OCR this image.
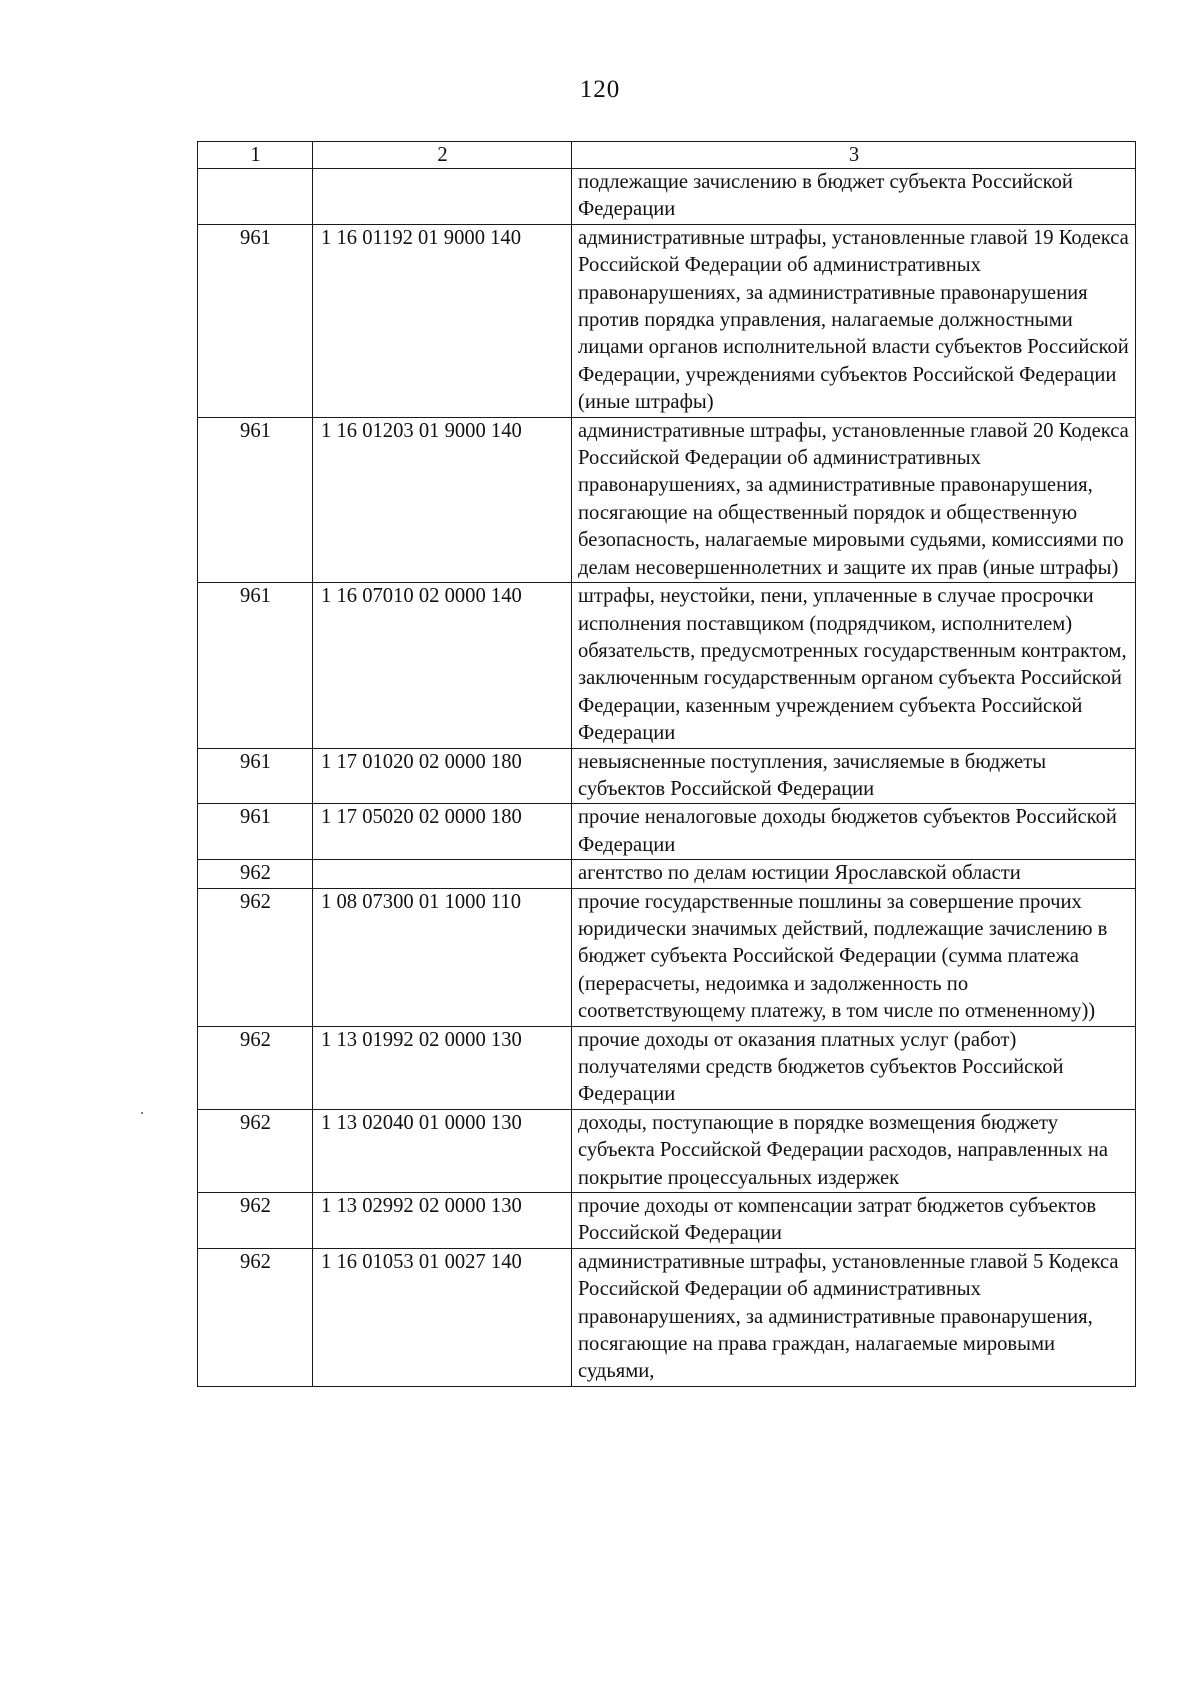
120
1	2	3
		подлежащие зачислению в бюджет субъекта Российской Федерации
961	1 16 01192 01 9000 140	административные штрафы, установленные главой 19 Кодекса Российской Федерации об административных правонарушениях, за административные правонарушения против порядка управления, налагаемые должностными лицами органов исполнительной власти субъектов Российской Федерации, учреждениями субъектов Российской Федерации (иные штрафы)
961	1 16 01203 01 9000 140	административные штрафы, установленные главой 20 Кодекса Российской Федерации об административных правонарушениях, за административные правонарушения, посягающие на общественный порядок и общественную безопасность, налагаемые мировыми судьями, комиссиями по делам несовершеннолетних и защите их прав (иные штрафы)
961	1 16 07010 02 0000 140	штрафы, неустойки, пени, уплаченные в случае просрочки исполнения поставщиком (подрядчиком, исполнителем) обязательств, предусмотренных государственным контрактом, заключенным государственным органом субъекта Российской Федерации, казенным учреждением субъекта Российской Федерации
961	1 17 01020 02 0000 180	невыясненные поступления, зачисляемые в бюджеты субъектов Российской Федерации
961	1 17 05020 02 0000 180	прочие неналоговые доходы бюджетов субъектов Российской Федерации
962		агентство по делам юстиции Ярославской области
962	1 08 07300 01 1000 110	прочие государственные пошлины за совершение прочих юридически значимых действий, подлежащие зачислению в бюджет субъекта Российской Федерации (сумма платежа (перерасчеты, недоимка и задолженность по соответствующему платежу, в том числе по отмененному))
962	1 13 01992 02 0000 130	прочие доходы от оказания платных услуг (работ) получателями средств бюджетов субъектов Российской Федерации
962	1 13 02040 01 0000 130	доходы, поступающие в порядке возмещения бюджету субъекта Российской Федерации расходов, направленных на покрытие процессуальных издержек
962	1 13 02992 02 0000 130	прочие доходы от компенсации затрат бюджетов субъектов Российской Федерации
962	1 16 01053 01 0027 140	административные штрафы, установленные главой 5 Кодекса Российской Федерации об административных правонарушениях, за административные правонарушения, посягающие на права граждан, налагаемые мировыми судьями,
